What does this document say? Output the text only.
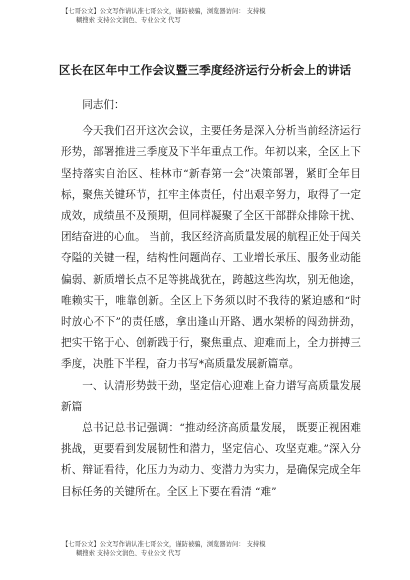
【七哥公文】公文写作请认准七哥公文，谨防被骗，浏览器访问： 支持模
糊搜索 支持公文润色、专业公文 代写
区长在区年中工作会议暨三季度经济运行分析会上的讲话

同志们：

今天我们召开这次会议，主要任务是深入分析当前经济运行形势，部署推进三季度及下半年重点工作。年初以来，全区上下坚持落实自治区、桂林市“新春第一会”决策部署，紧盯全年目标，聚焦关键环节，扛牢主体责任，付出艰辛努力，取得了一定成效，成绩虽不及预期，但同样凝聚了全区干部群众排除干扰、团结奋进的心血。 当前，我区经济高质量发展的航程正处于闯关夺隘的关键一程，结构性问题尚存、工业增长承压、服务业动能偏弱、新质增长点不足等挑战犹在，跨越这些沟坎，别无他途，唯赖实干，唯靠创新。全区上下务须以时不我待的紧迫感和“时时放心不下”的责任感，拿出逢山开路、遇水架桥的闯劲拼劲，把实干铭于心、创新践于行，聚焦重点、迎难而上，全力拼搏三季度，决胜下半程，奋力书写*高质量发展新篇章。

一、认清形势鼓干劲，坚定信心迎难上奋力谱写高质量发展新篇

总书记总书记强调：“推动经济高质量发展， 既要正视困难挑战，更要看到发展韧性和潜力，坚定信心、攻坚克难。”深入分析、辩证看待，化压力为动力、变潜力为实力，是确保完成全年目标任务的关键所在。全区上下要在看清 “难”

【七哥公文】公文写作请认准七哥公文，谨防被骗，浏览器访问： 支持模
糊搜索 支持公文润色、专业公文 代写
